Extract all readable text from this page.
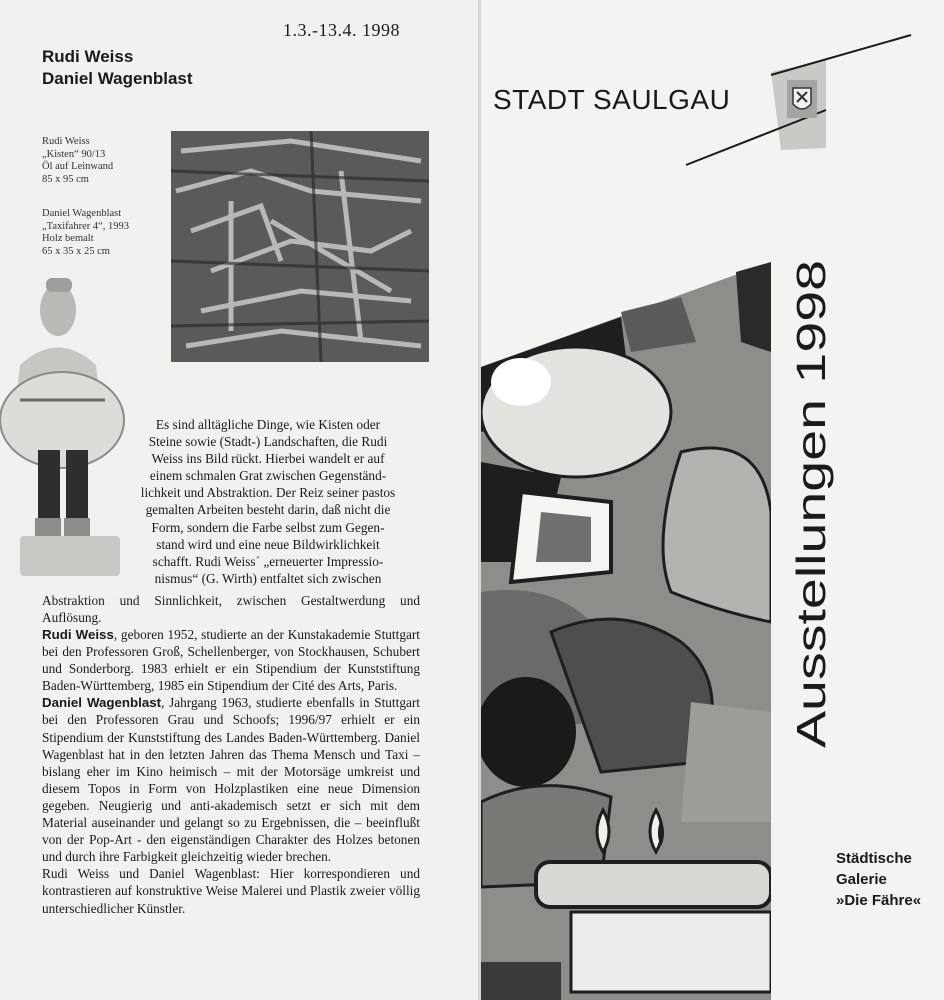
1.3.-13.4. 1998
Rudi Weiss
Daniel Wagenblast
Rudi Weiss
„Kisten“ 90/13
Öl auf Leinwand
85 x 95 cm
Daniel Wagenblast
„Taxifahrer 4“, 1993
Holz bemalt
65 x 35 x 25 cm
Es sind alltägliche Dinge, wie Kisten oder
Steine sowie (Stadt-) Landschaften, die Rudi
Weiss ins Bild rückt. Hierbei wandelt er auf
einem schmalen Grat zwischen Gegenständ-
lichkeit und Abstraktion. Der Reiz seiner pastos
gemalten Arbeiten besteht darin, daß nicht die
Form, sondern die Farbe selbst zum Gegen-
stand wird und eine neue Bildwirklichkeit
schafft. Rudi Weiss´ „erneuerter Impressio-
nismus“ (G. Wirth) entfaltet sich zwischen
Abstraktion und Sinnlichkeit, zwischen Gestaltwerdung und Auflösung.
Rudi Weiss, geboren 1952, studierte an der Kunstakademie Stuttgart bei den Professoren Groß, Schellenberger, von Stockhausen, Schubert und Sonderborg. 1983 erhielt er ein Stipendium der Kunststiftung Baden-Württemberg, 1985 ein Stipendium der Cité des Arts, Paris.
Daniel Wagenblast, Jahrgang 1963, studierte ebenfalls in Stuttgart bei den Professoren Grau und Schoofs; 1996/97 erhielt er ein Stipendium der Kunststiftung des Landes Baden-Württemberg. Daniel Wagenblast hat in den letzten Jahren das Thema Mensch und Taxi – bislang eher im Kino heimisch – mit der Motorsäge umkreist und diesem Topos in Form von Holzplastiken eine neue Dimension gegeben. Neugierig und anti-akademisch setzt er sich mit dem Material auseinander und gelangt so zu Ergebnissen, die – beeinflußt von der Pop-Art - den eigenständigen Charakter des Holzes betonen und durch ihre Farbigkeit gleichzeitig wieder brechen.
Rudi Weiss und Daniel Wagenblast: Hier korrespondieren und kontrastieren auf konstruktive Weise Malerei und Plastik zweier völlig unterschiedlicher Künstler.
STADT SAULGAU
Ausstellungen 1998
Städtische
Galerie
»Die Fähre«
